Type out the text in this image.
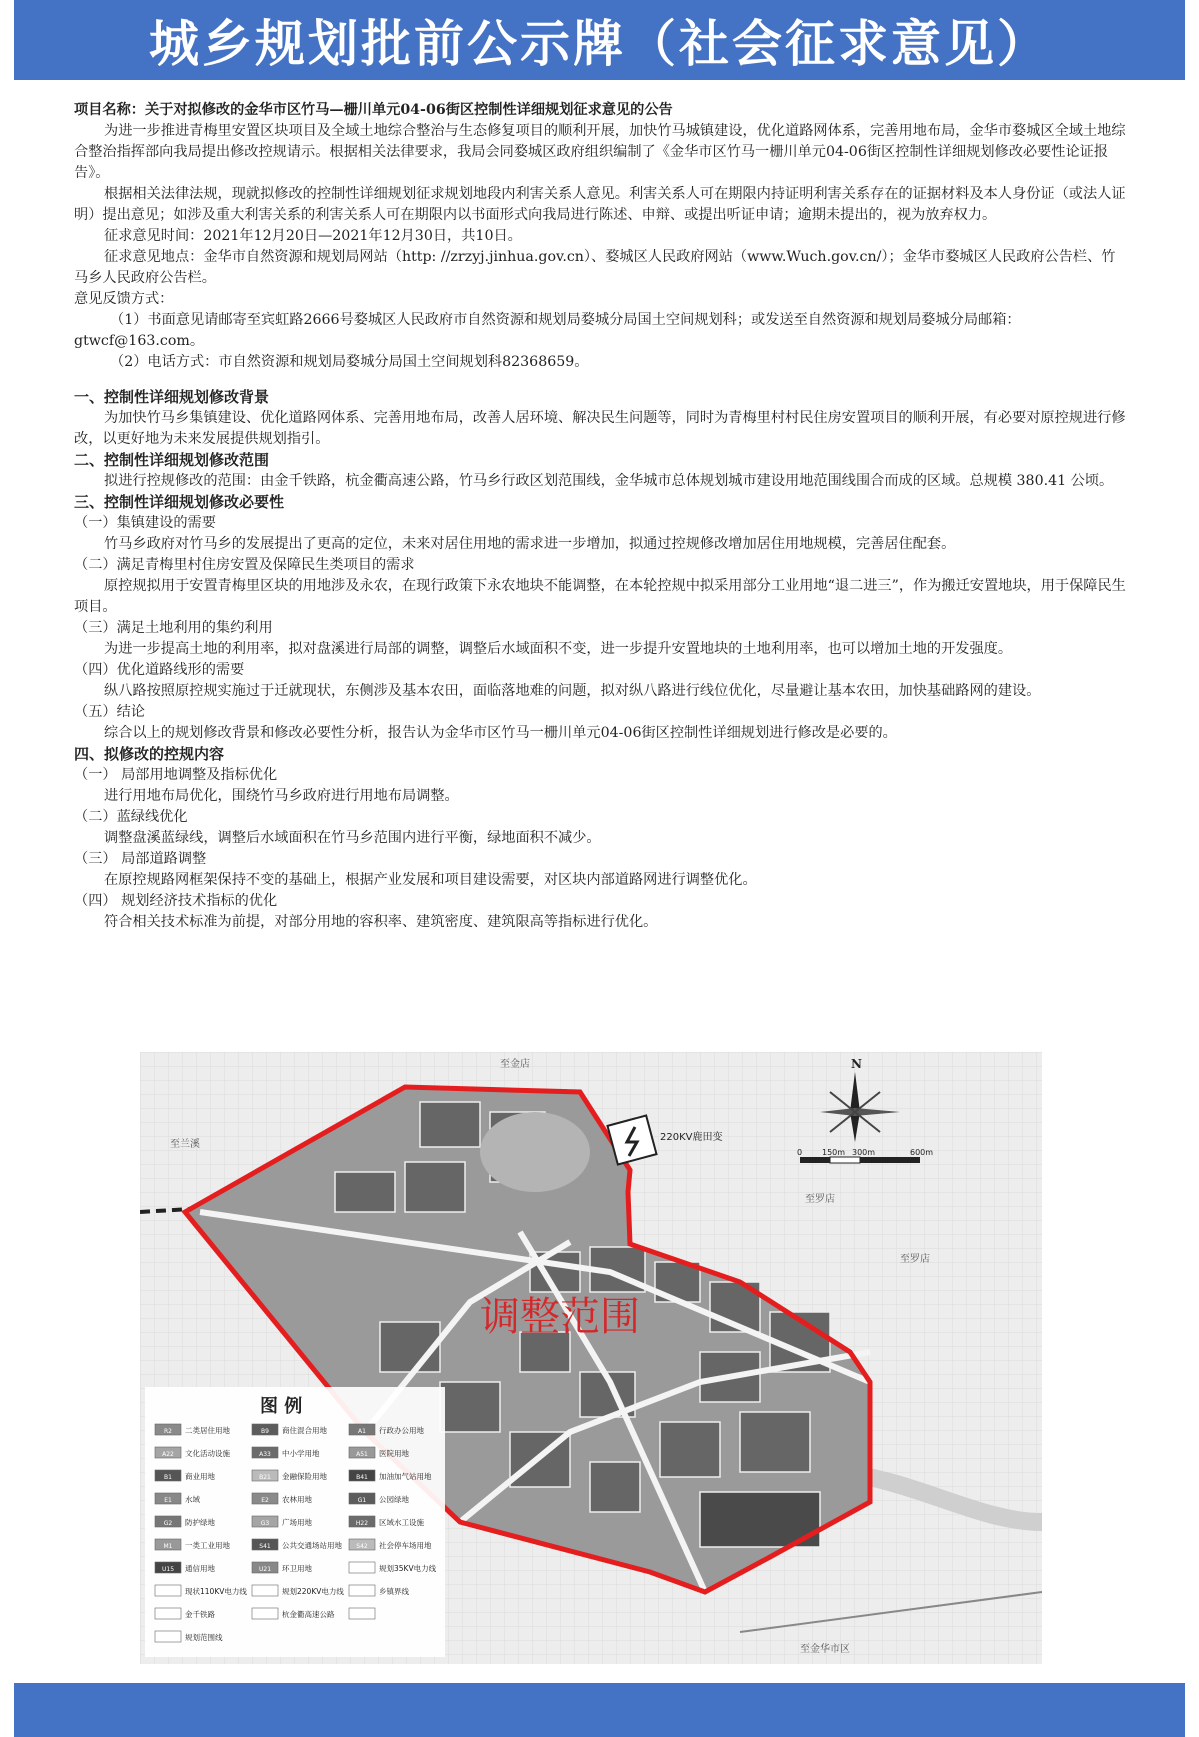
城乡规划批前公示牌（社会征求意见）

项目名称：关于对拟修改的金华市区竹马—栅川单元04-06街区控制性详细规划征求意见的公告

为进一步推进青梅里安置区块项目及全域土地综合整治与生态修复项目的顺利开展，加快竹马城镇建设，优化道路网体系，完善用地布局，金华市婺城区全域土地综合整治指挥部向我局提出修改控规请示。根据相关法律要求，我局会同婺城区政府组织编制了《金华市区竹马一栅川单元04-06街区控制性详细规划修改必要性论证报告》。

根据相关法律法规，现就拟修改的控制性详细规划征求规划地段内利害关系人意见。利害关系人可在期限内持证明利害关系存在的证据材料及本人身份证（或法人证明）提出意见；如涉及重大利害关系的利害关系人可在期限内以书面形式向我局进行陈述、申辩、或提出听证申请；逾期未提出的，视为放弃权力。

征求意见时间：2021年12月20日—2021年12月30日，共10日。

征求意见地点：金华市自然资源和规划局网站（http: //zrzyj.jinhua.gov.cn）、婺城区人民政府网站（www.Wuch.gov.cn/）；金华市婺城区人民政府公告栏、竹马乡人民政府公告栏。

意见反馈方式：

（1）书面意见请邮寄至宾虹路2666号婺城区人民政府市自然资源和规划局婺城分局国土空间规划科；或发送至自然资源和规划局婺城分局邮箱：gtwcf@163.com。

（2）电话方式：市自然资源和规划局婺城分局国土空间规划科82368659。

一、控制性详细规划修改背景

为加快竹马乡集镇建设、优化道路网体系、完善用地布局，改善人居环境、解决民生问题等，同时为青梅里村村民住房安置项目的顺利开展，有必要对原控规进行修改，以更好地为未来发展提供规划指引。

二、控制性详细规划修改范围

拟进行控规修改的范围：由金千铁路，杭金衢高速公路，竹马乡行政区划范围线，金华城市总体规划城市建设用地范围线围合而成的区域。总规模 380.41 公顷。

三、控制性详细规划修改必要性

（一）集镇建设的需要

竹马乡政府对竹马乡的发展提出了更高的定位，未来对居住用地的需求进一步增加，拟通过控规修改增加居住用地规模，完善居住配套。

（二）满足青梅里村住房安置及保障民生类项目的需求

原控规拟用于安置青梅里区块的用地涉及永农，在现行政策下永农地块不能调整，在本轮控规中拟采用部分工业用地“退二进三”，作为搬迁安置地块，用于保障民生项目。

（三）满足土地利用的集约利用

为进一步提高土地的利用率，拟对盘溪进行局部的调整，调整后水域面积不变，进一步提升安置地块的土地利用率，也可以增加土地的开发强度。

（四）优化道路线形的需要

纵八路按照原控规实施过于迁就现状，东侧涉及基本农田，面临落地难的问题，拟对纵八路进行线位优化，尽量避让基本农田，加快基础路网的建设。

（五）结论

综合以上的规划修改背景和修改必要性分析，报告认为金华市区竹马一栅川单元04-06街区控制性详细规划进行修改是必要的。

四、拟修改的控规内容

（一） 局部用地调整及指标优化

进行用地布局优化，围绕竹马乡政府进行用地布局调整。

（二）蓝绿线优化

调整盘溪蓝绿线，调整后水域面积在竹马乡范围内进行平衡，绿地面积不减少。

（三） 局部道路调整

在原控规路网框架保持不变的基础上，根据产业发展和项目建设需要，对区块内部道路网进行调整优化。

（四） 规划经济技术指标的优化

符合相关技术标准为前提，对部分用地的容积率、建筑密度、建筑限高等指标进行优化。

调整范围
220KV鹿田变
至金店
至兰溪
至罗店
至罗店
至金华市区
N
0 150m 300m	600m
图 例
R2 二类居住用地	B9 商住混合用地	A1 行政办公用地
A22 文化活动设施	A33 中小学用地	A51 医院用地
B1 商业用地	B21 金融保险用地	B41 加油加气站用地
E1 水域	E2 农林用地	G1 公园绿地
G2 防护绿地	G3 广场用地	H22 区域水工设施
M1 一类工业用地	S41 公共交通场站用地 S42 社会停车场用地
U15 通信用地	U21 环卫用地	规划35KV电力线
现状110KV电力线	规划220KV电力线	乡镇界线
金千铁路	杭金衢高速公路
规划范围线
